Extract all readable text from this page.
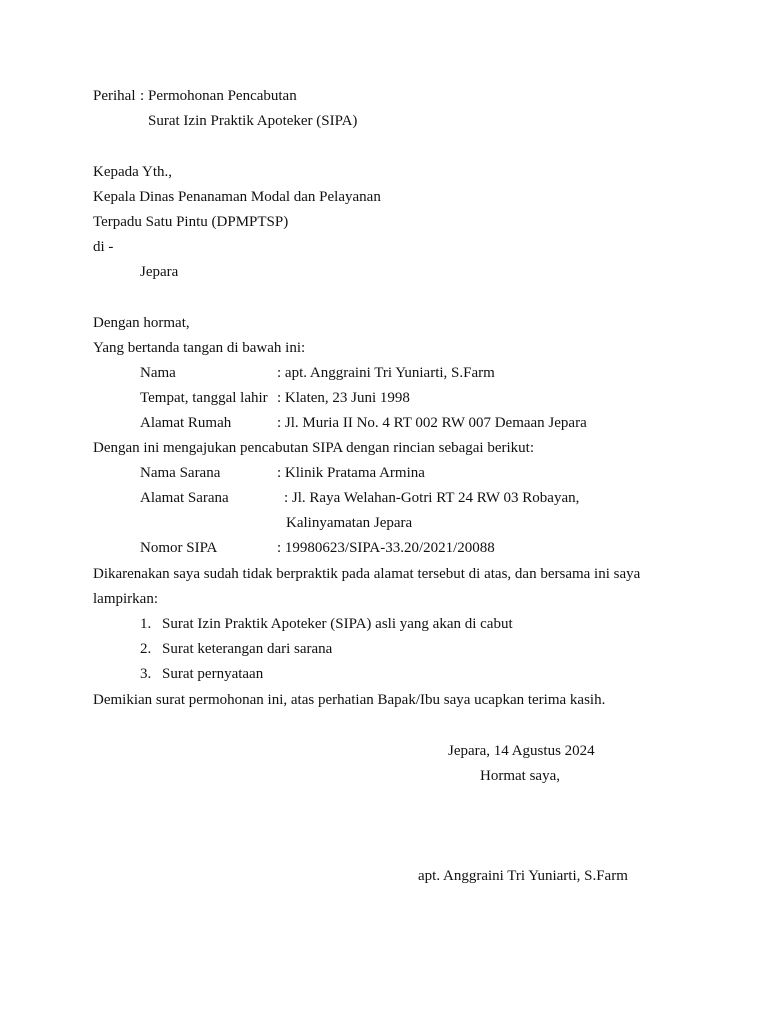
Perihal : Permohonan Pencabutan
Surat Izin Praktik Apoteker (SIPA)
Kepada Yth.,
Kepala Dinas Penanaman Modal dan Pelayanan
Terpadu Satu Pintu (DPMPTSP)
di -
Jepara
Dengan hormat,
Yang bertanda tangan di bawah ini:
Nama	: apt. Anggraini Tri Yuniarti, S.Farm
Tempat, tanggal lahir : Klaten, 23 Juni 1998
Alamat Rumah	: Jl. Muria II No. 4 RT 002 RW 007 Demaan Jepara
Dengan ini mengajukan pencabutan SIPA dengan rincian sebagai berikut:
Nama Sarana	: Klinik Pratama Armina
Alamat Sarana	: Jl. Raya Welahan-Gotri RT 24 RW 03 Robayan,
Kalinyamatan Jepara
Nomor SIPA	: 19980623/SIPA-33.20/2021/20088
Dikarenakan saya sudah tidak berpraktik pada alamat tersebut di atas, dan bersama ini saya
lampirkan:
1. Surat Izin Praktik Apoteker (SIPA) asli yang akan di cabut
2. Surat keterangan dari sarana
3. Surat pernyataan
Demikian surat permohonan ini, atas perhatian Bapak/Ibu saya ucapkan terima kasih.
Jepara, 14 Agustus 2024
Hormat saya,
apt. Anggraini Tri Yuniarti, S.Farm
